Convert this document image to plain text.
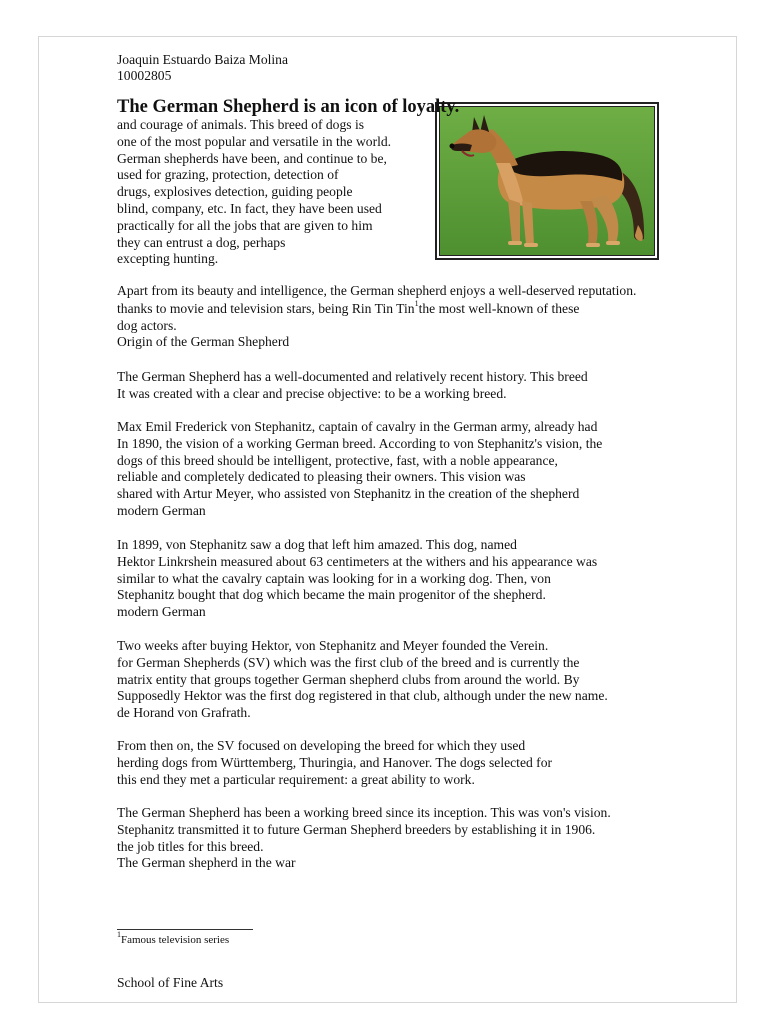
Joaquin Estuardo Baiza Molina
10002805
and courage of animals. This breed of dogs is
one of the most popular and versatile in the world.
German shepherds have been, and continue to be,
used for grazing, protection, detection of
drugs, explosives detection, guiding people
blind, company, etc. In fact, they have been used
practically for all the jobs that are given to him
they can entrust a dog, perhaps
excepting hunting.
The German Shepherd is an icon of loyalty.
Apart from its beauty and intelligence, the German shepherd enjoys a well-deserved reputation.
thanks to movie and television stars, being Rin Tin Tin$^1$the most well-known of these
dog actors.
Origin of the German Shepherd
The German Shepherd has a well-documented and relatively recent history. This breed
It was created with a clear and precise objective: to be a working breed.
Max Emil Frederick von Stephanitz, captain of cavalry in the German army, already had
In 1890, the vision of a working German breed. According to von Stephanitz's vision, the
dogs of this breed should be intelligent, protective, fast, with a noble appearance,
reliable and completely dedicated to pleasing their owners. This vision was
shared with Artur Meyer, who assisted von Stephanitz in the creation of the shepherd
modern German
In 1899, von Stephanitz saw a dog that left him amazed. This dog, named
Hektor Linkrshein measured about 63 centimeters at the withers and his appearance was
similar to what the cavalry captain was looking for in a working dog. Then, von
Stephanitz bought that dog which became the main progenitor of the shepherd.
modern German
Two weeks after buying Hektor, von Stephanitz and Meyer founded the Verein.
for German Shepherds (SV) which was the first club of the breed and is currently the
matrix entity that groups together German shepherd clubs from around the world. By
Supposedly Hektor was the first dog registered in that club, although under the new name.
de Horand von Grafrath.
From then on, the SV focused on developing the breed for which they used
herding dogs from Württemberg, Thuringia, and Hanover. The dogs selected for
this end they met a particular requirement: a great ability to work.
The German Shepherd has been a working breed since its inception. This was von's vision.
Stephanitz transmitted it to future German Shepherd breeders by establishing it in 1906.
the job titles for this breed.
The German shepherd in the war
$^1$Famous television series
School of Fine Arts
